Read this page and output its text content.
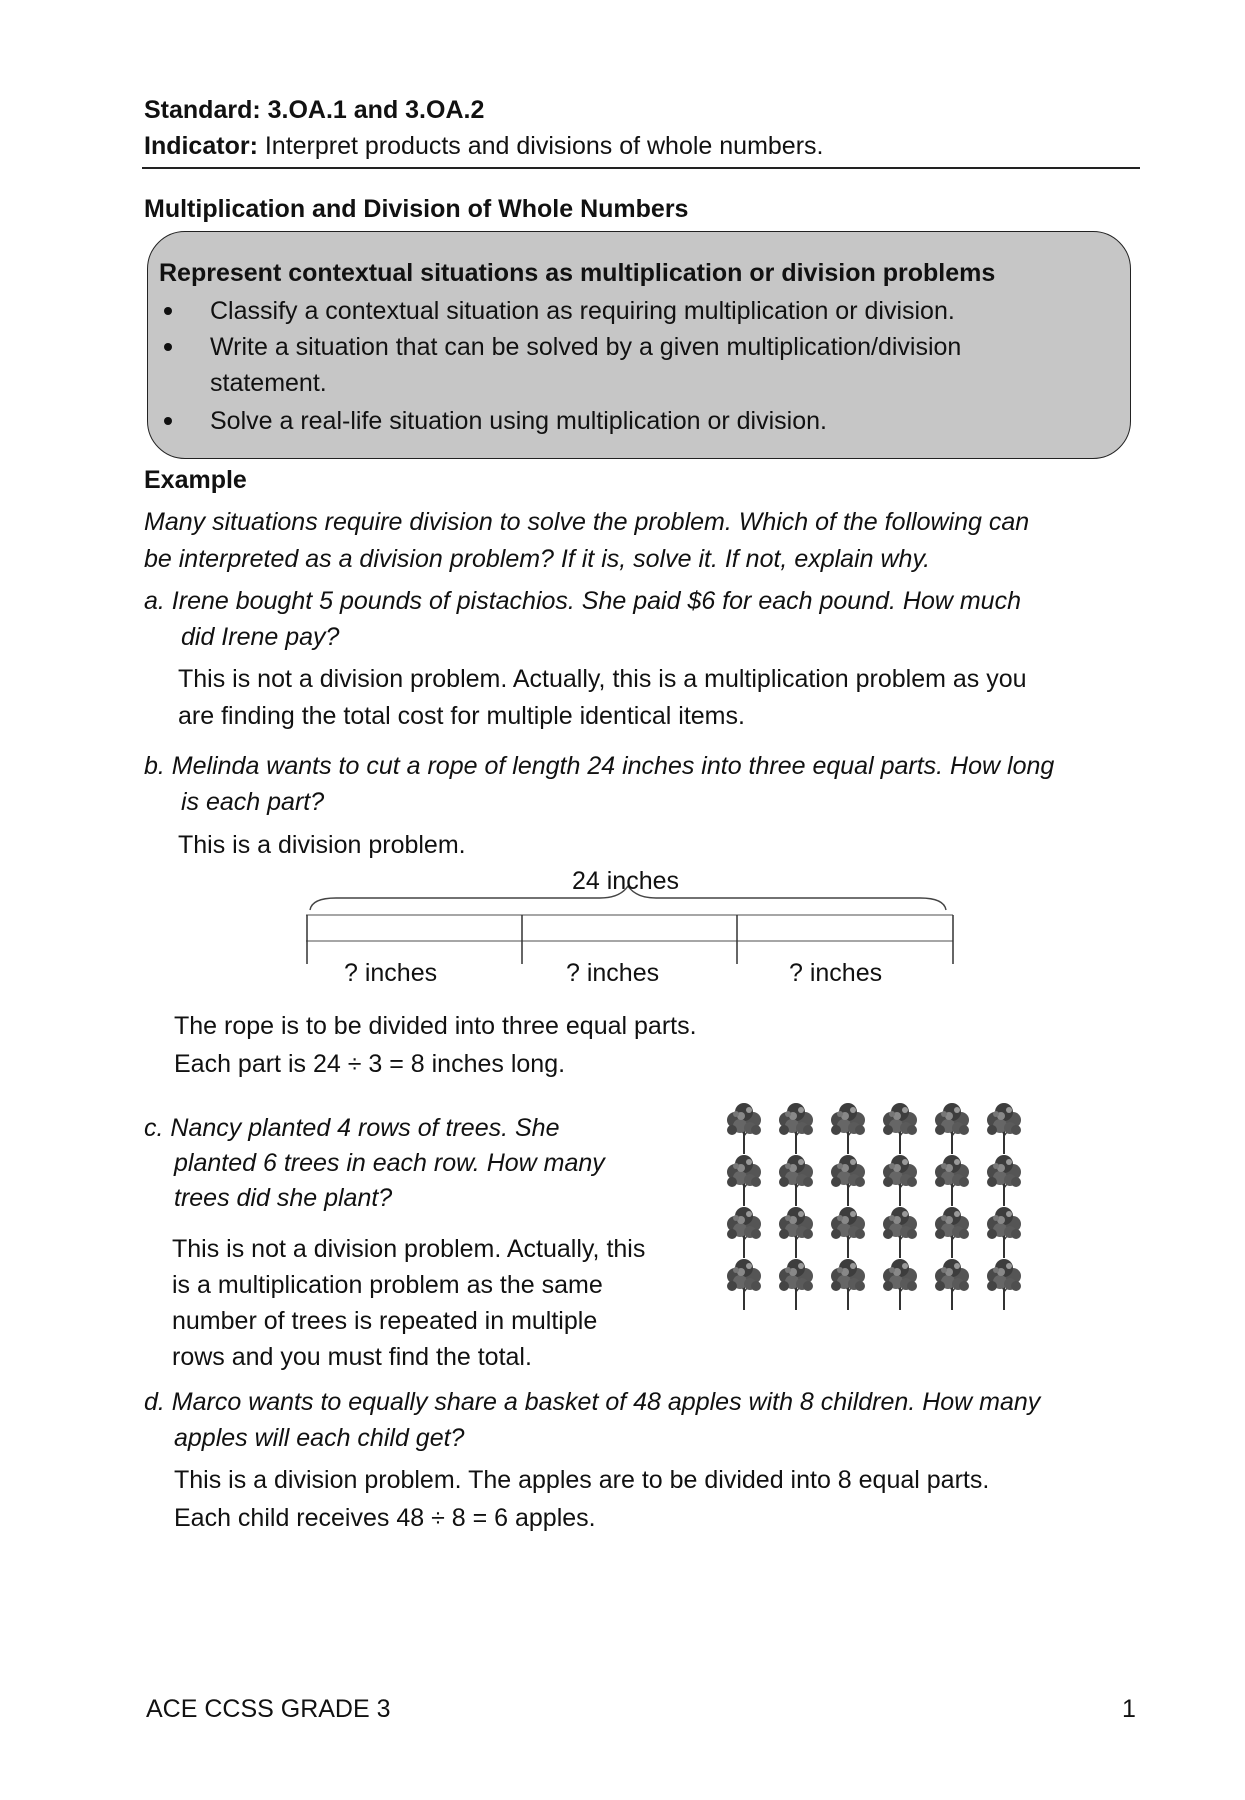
Standard: 3.OA.1 and 3.OA.2
Indicator: Interpret products and divisions of whole numbers.
Multiplication and Division of Whole Numbers
Represent contextual situations as multiplication or division problems
Classify a contextual situation as requiring multiplication or division.
Write a situation that can be solved by a given multiplication/division
statement.
Solve a real-life situation using multiplication or division.
Example
Many situations require division to solve the problem. Which of the following can
be interpreted as a division problem? If it is, solve it. If not, explain why.
a. Irene bought 5 pounds of pistachios. She paid $6 for each pound. How much
did Irene pay?
This is not a division problem. Actually, this is a multiplication problem as you
are finding the total cost for multiple identical items.
b. Melinda wants to cut a rope of length 24 inches into three equal parts. How long
is each part?
This is a division problem.
24 inches
? inches	? inches	? inches
The rope is to be divided into three equal parts.
Each part is 24 ÷ 3 = 8 inches long.
c. Nancy planted 4 rows of trees. She
planted 6 trees in each row. How many
trees did she plant?
This is not a division problem. Actually, this
is a multiplication problem as the same
number of trees is repeated in multiple
rows and you must find the total.
d. Marco wants to equally share a basket of 48 apples with 8 children. How many
apples will each child get?
This is a division problem. The apples are to be divided into 8 equal parts.
Each child receives 48 ÷ 8 = 6 apples.
ACE CCSS GRADE 3	1
